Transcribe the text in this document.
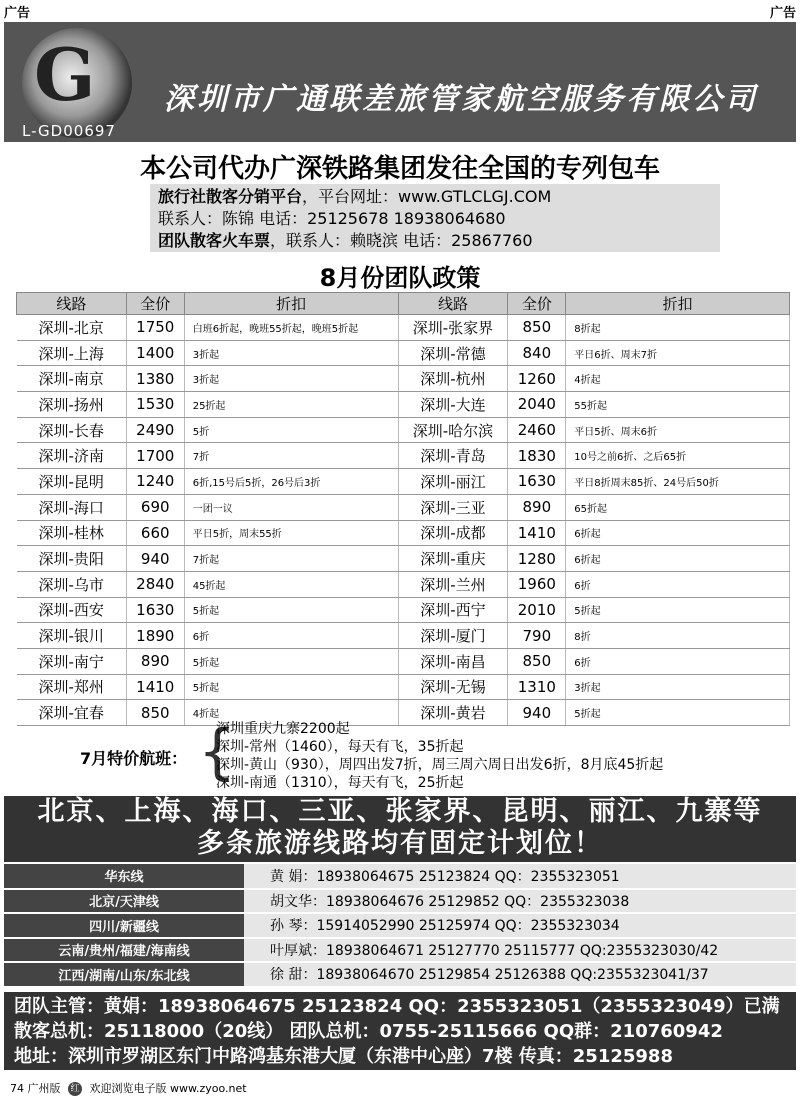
广告	广告
G
L-GD00697
深圳市广通联差旅管家航空服务有限公司
本公司代办广深铁路集团发往全国的专列包车
旅行社散客分销平台，平台网址：www.GTLCLGJ.COM
联系人：陈锦 电话：25125678 18938064680
团队散客火车票，联系人：赖晓滨 电话：25867760
8月份团队政策
线路	全价	折扣	线路	全价	折扣
深圳-北京	1750	白班6折起，晚班55折起，晚班5折起	深圳-张家界	850	8折起
深圳-上海	1400	3折起	深圳-常德	840	平日6折、周末7折
深圳-南京	1380	3折起	深圳-杭州	1260	4折起
深圳-扬州	1530	25折起	深圳-大连	2040	55折起
深圳-长春	2490	5折	深圳-哈尔滨	2460	平日5折、周末6折
深圳-济南	1700	7折	深圳-青岛	1830	10号之前6折、之后65折
深圳-昆明	1240	6折,15号后5折，26号后3折	深圳-丽江	1630	平日8折周末85折、24号后50折
深圳-海口	690	一团一议	深圳-三亚	890	65折起
深圳-桂林	660	平日5折，周末55折	深圳-成都	1410	6折起
深圳-贵阳	940	7折起	深圳-重庆	1280	6折起
深圳-乌市	2840	45折起	深圳-兰州	1960	6折
深圳-西安	1630	5折起	深圳-西宁	2010	5折起
深圳-银川	1890	6折	深圳-厦门	790	8折
深圳-南宁	890	5折起	深圳-南昌	850	6折
深圳-郑州	1410	5折起	深圳-无锡	1310	3折起
深圳-宜春	850	4折起	深圳-黄岩	940	5折起
7月特价航班： {
深圳重庆九寨2200起
深圳-常州（1460），每天有飞，35折起
深圳-黄山（930），周四出发7折，周三周六周日出发6折，8月底45折起
深圳-南通（1310），每天有飞，25折起
北京、上海、海口、三亚、张家界、昆明、丽江、九寨等
多条旅游线路均有固定计划位！
华东线	黄 娟：18938064675 25123824 QQ：2355323051
北京/天津线	胡文华：18938064676 25129852 QQ：2355323038
四川/新疆线	孙 琴：15914052990 25125974 QQ：2355323034
云南/贵州/福建/海南线	叶厚斌：18938064671 25127770 25115777 QQ:2355323030/42
江西/湖南/山东/东北线	徐 甜：18938064670 25129854 25126388 QQ:2355323041/37
团队主管：黄娟：18938064675 25123824 QQ：2355323051（2355323049）已满
散客总机：25118000（20线） 团队总机：0755-25115666 QQ群：210760942
地址：深圳市罗湖区东门中路鸿基东港大厦（东港中心座）7楼 传真：25125988
74 广州版 红 欢迎浏览电子版 www.zyoo.net
